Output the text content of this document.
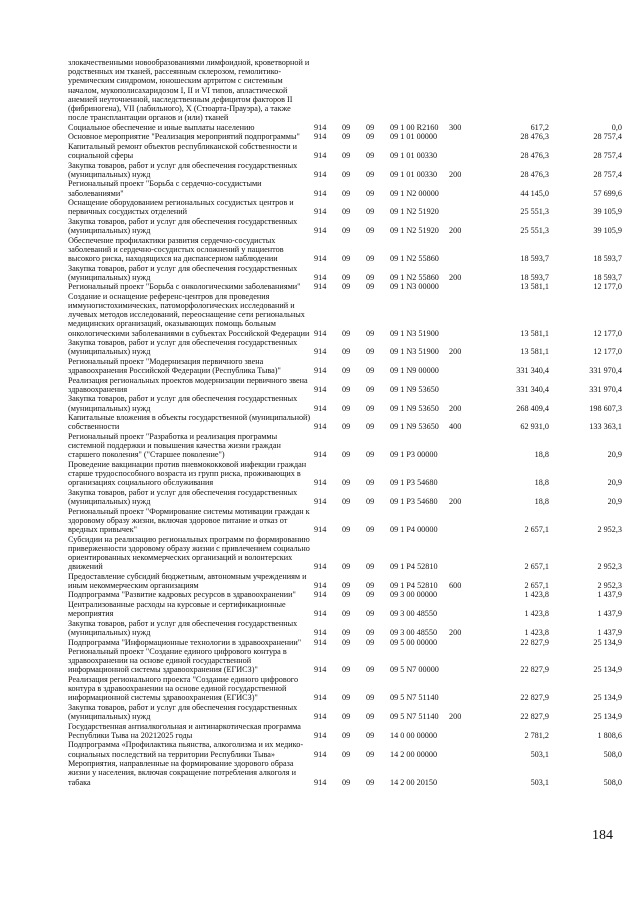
злокачественными новообразованиями лимфоидной, кроветворной и
родственных им тканей, рассеянным склерозом, гемолитико-
уремическим синдромом, юношеским артритом с системным
началом, мукополисахаридозом I, II и VI типов, апластической
анемией неуточненной, наследственным дефицитом факторов II
(фибриногена), VII (лабильного), X (Стюарта-Прауэра), а также
после трансплантации органов и (или) тканей
Социальное обеспечение и иные выплаты населению	914	09	09	09 1 00 R2160	300	617,2	0,0
Основное мероприятие "Реализация мероприятий подпрограммы"	914	09	09	09 1 01 00000	28 476,3	28 757,4
Капитальный ремонт объектов республиканской собственности и
социальной сферы	914	09	09	09 1 01 00330	28 476,3	28 757,4
Закупка товаров, работ и услуг для обеспечения государственных
(муниципальных) нужд	914	09	09	09 1 01 00330	200	28 476,3	28 757,4
Региональный проект "Борьба с сердечно-сосудистыми
заболеваниями"	914	09	09	09 1 N2 00000	44 145,0	57 699,6
Оснащение оборудованием региональных сосудистых центров и
первичных сосудистых отделений	914	09	09	09 1 N2 51920	25 551,3	39 105,9
Закупка товаров, работ и услуг для обеспечения государственных
(муниципальных) нужд	914	09	09	09 1 N2 51920	200	25 551,3	39 105,9
Обеспечение профилактики развития сердечно-сосудистых
заболеваний и сердечно-сосудистых осложнений у пациентов
высокого риска, находящихся на диспансерном наблюдении	914	09	09	09 1 N2 55860	18 593,7	18 593,7
Закупка товаров, работ и услуг для обеспечения государственных
(муниципальных) нужд	914	09	09	09 1 N2 55860	200	18 593,7	18 593,7
Региональный проект "Борьба с онкологическими заболеваниями"	914	09	09	09 1 N3 00000	13 581,1	12 177,0
Создание и оснащение референс-центров для проведения
иммуногистохимических, патоморфологических исследований и
лучевых методов исследований, переоснащение сети региональных
медицинских организаций, оказывающих помощь больным
онкологическими заболеваниями в субъектах Российской Федерации 914	09	09	09 1 N3 51900	13 581,1	12 177,0
Закупка товаров, работ и услуг для обеспечения государственных
(муниципальных) нужд	914	09	09	09 1 N3 51900	200	13 581,1	12 177,0
Региональный проект "Модернизация первичного звена
здравоохранения Российской Федерации (Республика Тыва)"	914	09	09	09 1 N9 00000	331 340,4	331 970,4
Реализация региональных проектов модернизации первичного звена
здравоохранения	914	09	09	09 1 N9 53650	331 340,4	331 970,4
Закупка товаров, работ и услуг для обеспечения государственных
(муниципальных) нужд	914	09	09	09 1 N9 53650	200	268 409,4	198 607,3
Капитальные вложения в объекты государственной (муниципальной)
собственности	914	09	09	09 1 N9 53650	400	62 931,0	133 363,1
Региональный проект "Разработка и реализация программы
системной поддержки и повышения качества жизни граждан
старшего поколения" ("Старшее поколение")	914	09	09	09 1 P3 00000	18,8	20,9
Проведение вакцинации против пневмококковой инфекции граждан
старше трудоспособного возраста из групп риска, проживающих в
организациях социального обслуживания	914	09	09	09 1 P3 54680	18,8	20,9
Закупка товаров, работ и услуг для обеспечения государственных
(муниципальных) нужд	914	09	09	09 1 P3 54680	200	18,8	20,9
Региональный проект "Формирование системы мотивации граждан к
здоровому образу жизни, включая здоровое питание и отказ от
вредных привычек"	914	09	09	09 1 P4 00000	2 657,1	2 952,3
Субсидии на реализацию региональных программ по формированию
приверженности здоровому образу жизни с привлечением социально
ориентированных некоммерческих организаций и волонтерских
движений	914	09	09	09 1 P4 52810	2 657,1	2 952,3
Предоставление субсидий бюджетным, автономным учреждениям и
иным некоммерческим организациям	914	09	09	09 1 P4 52810	600	2 657,1	2 952,3
Подпрограмма "Развитие кадровых ресурсов в здравоохранении"	914	09	09	09 3 00 00000	1 423,8	1 437,9
Централизованные расходы на курсовые и сертификационные
мероприятия	914	09	09	09 3 00 48550	1 423,8	1 437,9
Закупка товаров, работ и услуг для обеспечения государственных
(муниципальных) нужд	914	09	09	09 3 00 48550	200	1 423,8	1 437,9
Подпрограмма "Информационные технологии в здравоохранении"	914	09	09	09 5 00 00000	22 827,9	25 134,9
Региональный проект "Создание единого цифрового контура в
здравоохранении на основе единой государственной
информационной системы здравоохранения (ЕГИСЗ)"	914	09	09	09 5 N7 00000	22 827,9	25 134,9
Реализация регионального проекта "Создание единого цифрового
контура в здравоохранении на основе единой государственной
информационной системы здравоохранения (ЕГИСЗ)"	914	09	09	09 5 N7 51140	22 827,9	25 134,9
Закупка товаров, работ и услуг для обеспечения государственных
(муниципальных) нужд	914	09	09	09 5 N7 51140	200	22 827,9	25 134,9
Государственная антиалкогольная и антинаркотическая программа
Республики Тыва на 20212025 годы	914	09	09	14 0 00 00000	2 781,2	1 808,6
Подпрограмма «Профилактика пьянства, алкоголизма и их медико-
социальных последствий на территории Республики Тыва»	914	09	09	14 2 00 00000	503,1	508,0
Мероприятия, направленные на формирование здорового образа
жизни у населения, включая сокращение потребления алкоголя и
табака	914	09	09	14 2 00 20150	503,1	508,0
184
